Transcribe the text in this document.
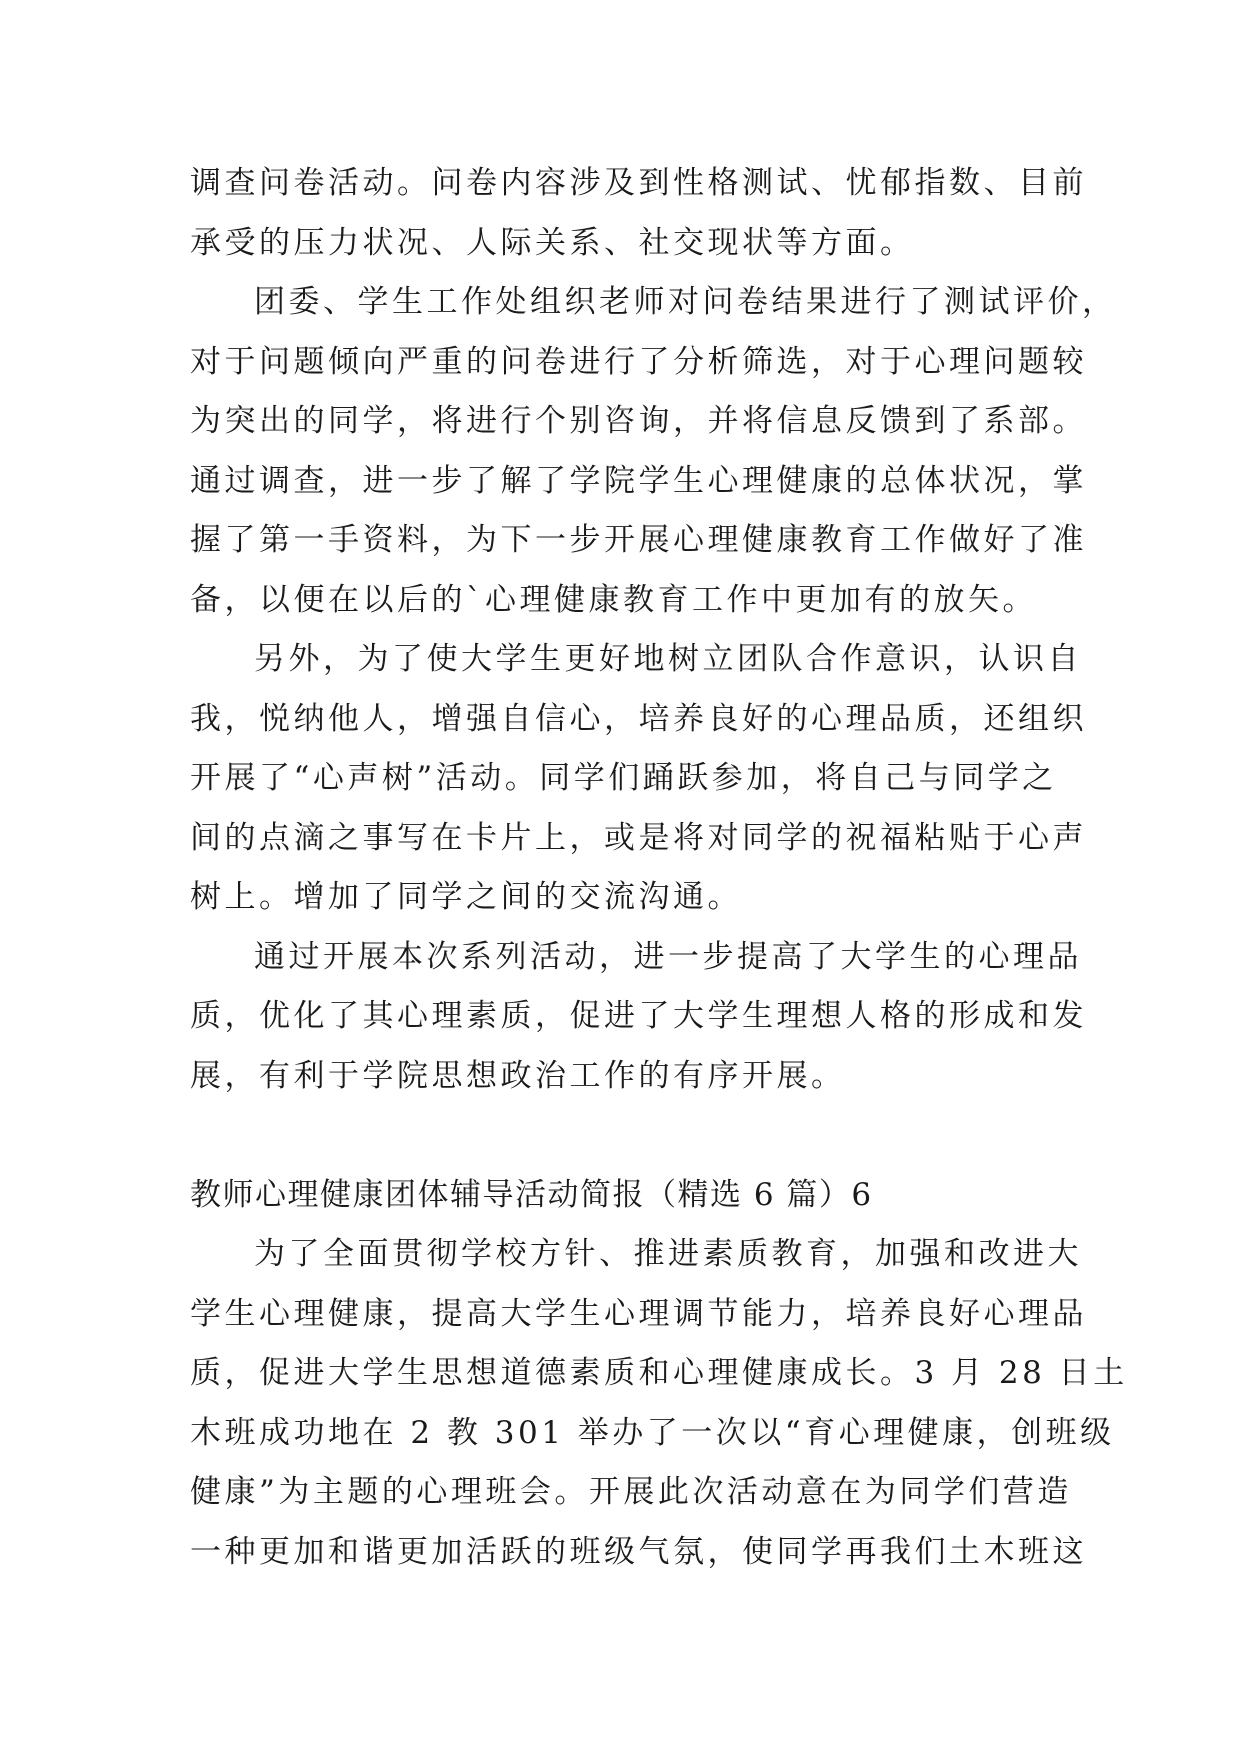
调查问卷活动。问卷内容涉及到性格测试、忧郁指数、目前
承受的压力状况、人际关系、社交现状等方面。
团委、学生工作处组织老师对问卷结果进行了测试评价，
对于问题倾向严重的问卷进行了分析筛选，对于心理问题较
为突出的同学，将进行个别咨询，并将信息反馈到了系部。
通过调查，进一步了解了学院学生心理健康的总体状况，掌
握了第一手资料，为下一步开展心理健康教育工作做好了准
备，以便在以后的`心理健康教育工作中更加有的放矢。
另外，为了使大学生更好地树立团队合作意识，认识自
我，悦纳他人，增强自信心，培养良好的心理品质，还组织
开展了“心声树”活动。同学们踊跃参加，将自己与同学之
间的点滴之事写在卡片上，或是将对同学的祝福粘贴于心声
树上。增加了同学之间的交流沟通。
通过开展本次系列活动，进一步提高了大学生的心理品
质，优化了其心理素质，促进了大学生理想人格的形成和发
展，有利于学院思想政治工作的有序开展。
教师心理健康团体辅导活动简报（精选 6 篇）6
为了全面贯彻学校方针、推进素质教育，加强和改进大
学生心理健康，提高大学生心理调节能力，培养良好心理品
质，促进大学生思想道德素质和心理健康成长。3 月 28 日土
木班成功地在 2 教 301 举办了一次以“育心理健康，创班级
健康”为主题的心理班会。开展此次活动意在为同学们营造
一种更加和谐更加活跃的班级气氛，使同学再我们土木班这
